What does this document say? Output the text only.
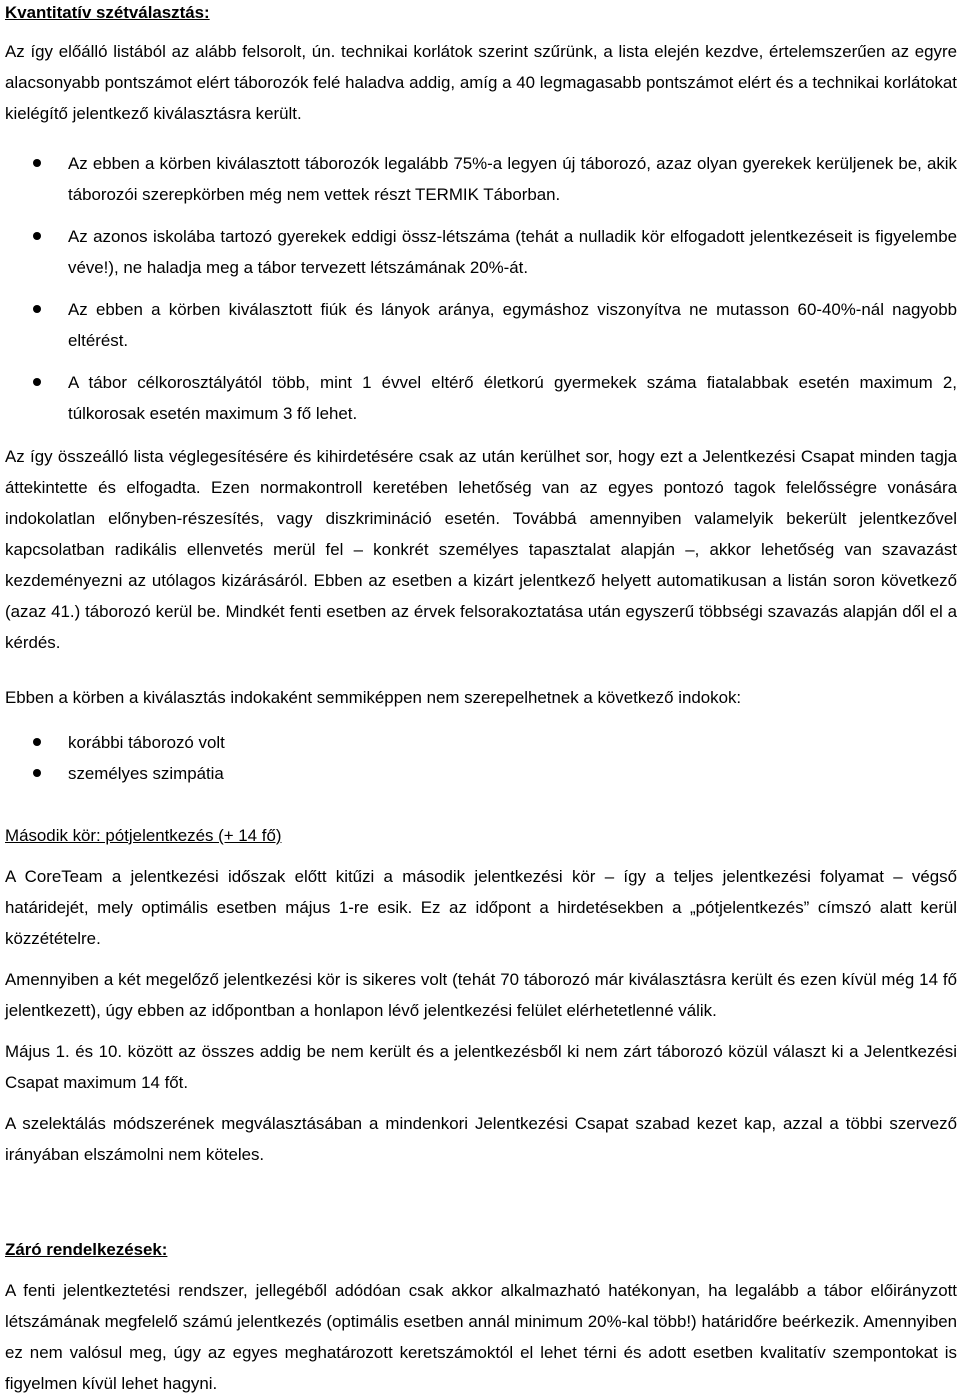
Kvantitatív szétválasztás:

Az így előálló listából az alább felsorolt, ún. technikai korlátok szerint szűrünk, a lista elején kezdve, értelemszerűen az egyre alacsonyabb pontszámot elért táborozók felé haladva addig, amíg a 40 legmagasabb pontszámot elért és a technikai korlátokat kielégítő jelentkező kiválasztásra került.

Az ebben a körben kiválasztott táborozók legalább 75%-a legyen új táborozó, azaz olyan gyerekek kerüljenek be, akik táborozói szerepkörben még nem vettek részt TERMIK Táborban.
Az azonos iskolába tartozó gyerekek eddigi össz-létszáma (tehát a nulladik kör elfogadott jelentkezéseit is figyelembe véve!), ne haladja meg a tábor tervezett létszámának 20%-át.
Az ebben a körben kiválasztott fiúk és lányok aránya, egymáshoz viszonyítva ne mutasson 60-40%-nál nagyobb eltérést.
A tábor célkorosztályától több, mint 1 évvel eltérő életkorú gyermekek száma fiatalabbak esetén maximum 2, túlkorosak esetén maximum 3 fő lehet.

Az így összeálló lista véglegesítésére és kihirdetésére csak az után kerülhet sor, hogy ezt a Jelentkezési Csapat minden tagja áttekintette és elfogadta. Ezen normakontroll keretében lehetőség van az egyes pontozó tagok felelősségre vonására indokolatlan előnyben-részesítés, vagy diszkrimináció esetén. Továbbá amennyiben valamelyik bekerült jelentkezővel kapcsolatban radikális ellenvetés merül fel – konkrét személyes tapasztalat alapján –, akkor lehetőség van szavazást kezdeményezni az utólagos kizárásáról. Ebben az esetben a kizárt jelentkező helyett automatikusan a listán soron következő (azaz 41.) táborozó kerül be. Mindkét fenti esetben az érvek felsorakoztatása után egyszerű többségi szavazás alapján dől el a kérdés.

Ebben a körben a kiválasztás indokaként semmiképpen nem szerepelhetnek a következő indokok:

korábbi táborozó volt
személyes szimpátia

Második kör: pótjelentkezés (+ 14 fő)

A CoreTeam a jelentkezési időszak előtt kitűzi a második jelentkezési kör – így a teljes jelentkezési folyamat – végső határidejét, mely optimális esetben május 1-re esik. Ez az időpont a hirdetésekben a „pótjelentkezés” címszó alatt kerül közzétételre.

Amennyiben a két megelőző jelentkezési kör is sikeres volt (tehát 70 táborozó már kiválasztásra került és ezen kívül még 14 fő jelentkezett), úgy ebben az időpontban a honlapon lévő jelentkezési felület elérhetetlenné válik.

Május 1. és 10. között az összes addig be nem került és a jelentkezésből ki nem zárt táborozó közül választ ki a Jelentkezési Csapat maximum 14 főt.

A szelektálás módszerének megválasztásában a mindenkori Jelentkezési Csapat szabad kezet kap, azzal a többi szervező irányában elszámolni nem köteles.

Záró rendelkezések:

A fenti jelentkeztetési rendszer, jellegéből adódóan csak akkor alkalmazható hatékonyan, ha legalább a tábor előirányzott létszámának megfelelő számú jelentkezés (optimális esetben annál minimum 20%-kal több!) határidőre beérkezik. Amennyiben ez nem valósul meg, úgy az egyes meghatározott keretszámoktól el lehet térni és adott esetben kvalitatív szempontokat is figyelmen kívül lehet hagyni.
